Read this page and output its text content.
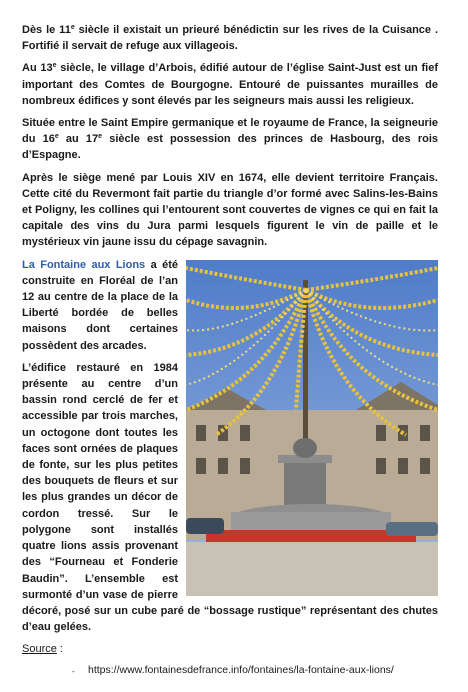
Dès le 11e siècle il existait un prieuré bénédictin sur les rives de la Cuisance . Fortifié il servait de refuge aux villageois.

Au 13e siècle, le village d’Arbois, édifié autour de l’église Saint-Just est un fief important des Comtes de Bourgogne. Entouré de puissantes murailles de nombreux édifices y sont élevés par les seigneurs mais aussi les religieux.

Située entre le Saint Empire germanique et le royaume de France, la seigneurie du 16e au 17e siècle est possession des princes de Hasbourg, des rois d’Espagne.

Après le siège mené par Louis XIV en 1674, elle devient territoire Français. Cette cité du Revermont fait partie du triangle d’or formé avec Salins-les-Bains et Poligny, les collines qui l’entourent sont couvertes de vignes ce qui en fait la capitale des vins du Jura parmi lesquels figurent le vin de paille et le mystérieux vin jaune issu du cépage savagnin.

La Fontaine aux Lions a été construite en Floréal de l’an 12 au centre de la place de la Liberté bordée de belles maisons dont certaines possèdent des arcades.

L’édifice restauré en 1984 présente au centre d’un bassin rond cerclé de fer et accessible par trois marches, un octogone dont toutes les faces sont ornées de plaques de fonte, sur les plus petites des bouquets de fleurs et sur les plus grandes un décor de cordon tressé. Sur le polygone sont installés quatre lions assis provenant des “Fourneau et Fonderie Baudin”. L’ensemble est surmonté d’un vase de pierre décoré, posé sur un cube paré de “bossage rustique” représentant des chutes d’eau gelées.

Source :
- https://www.fontainesdefrance.info/fontaines/la-fontaine-aux-lions/
